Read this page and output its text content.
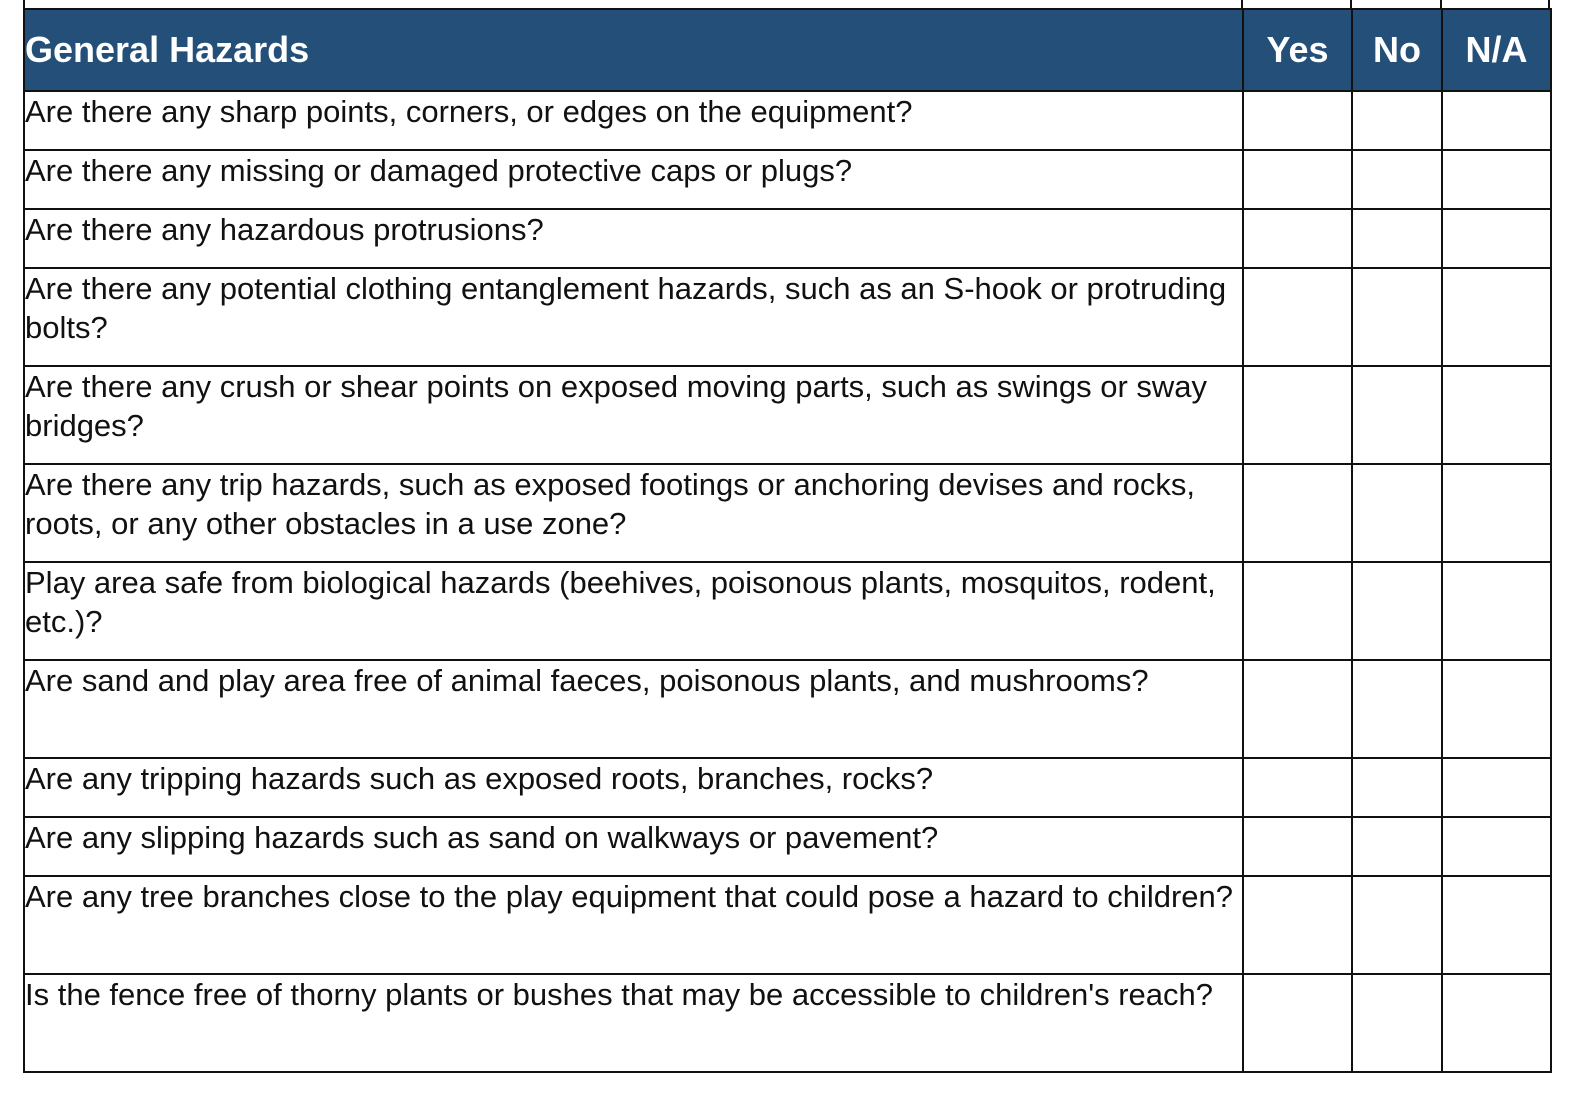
General Hazards	Yes	No	N/A
Are there any sharp points, corners, or edges on the equipment?			
Are there any missing or damaged protective caps or plugs?			
Are there any hazardous protrusions?			
Are there any potential clothing entanglement hazards, such as an S-hook or protruding bolts?			
Are there any crush or shear points on exposed moving parts, such as swings or sway bridges?			
Are there any trip hazards, such as exposed footings or anchoring devises and rocks, roots, or any other obstacles in a use zone?			
Play area safe from biological hazards (beehives, poisonous plants, mosquitos, rodent, etc.)?			
Are sand and play area free of animal faeces, poisonous plants, and mushrooms?			
Are any tripping hazards such as exposed roots, branches, rocks?			
Are any slipping hazards such as sand on walkways or pavement?			
Are any tree branches close to the play equipment that could pose a hazard to children?			
Is the fence free of thorny plants or bushes that may be accessible to children's reach?			
